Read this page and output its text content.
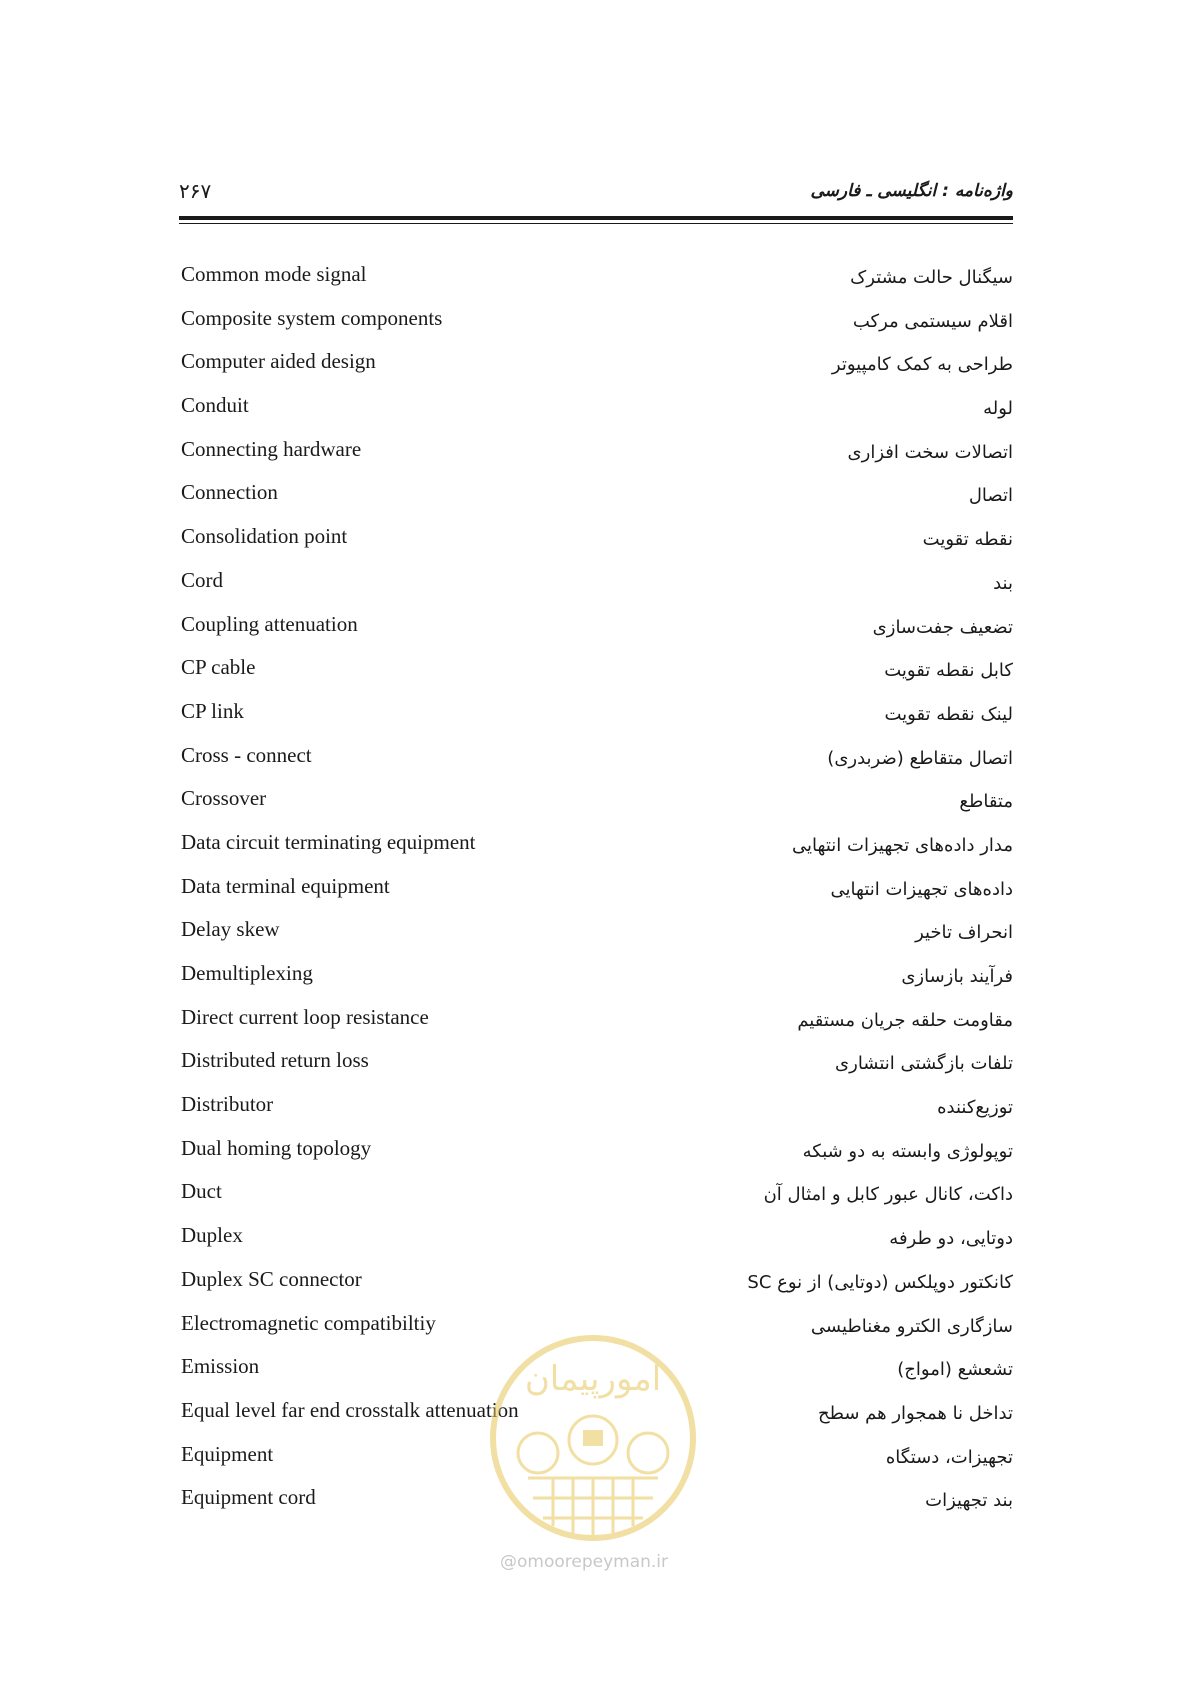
۲۶۷	واژه‌نامه : انگلیسی ـ فارسی
Common mode signal	سیگنال حالت مشترک
Composite system components	اقلام سیستمی مرکب
Computer aided design	طراحی به کمک کامپیوتر
Conduit	لوله
Connecting hardware	اتصالات سخت افزاری
Connection	اتصال
Consolidation point	نقطه تقویت
Cord	بند
Coupling attenuation	تضعیف جفت‌سازی
CP cable	کابل نقطه تقویت
CP link	لینک نقطه تقویت
Cross - connect	اتصال متقاطع (ضربدری)
Crossover	متقاطع
Data circuit terminating equipment	مدار داده‌های تجهیزات انتهایی
Data terminal equipment	داده‌های تجهیزات انتهایی
Delay skew	انحراف تاخیر
Demultiplexing	فرآیند بازسازی
Direct current loop resistance	مقاومت حلقه جریان مستقیم
Distributed return loss	تلفات بازگشتی انتشاری
Distributor	توزیع‌کننده
Dual homing topology	توپولوژی وابسته به دو شبکه
Duct	داکت، کانال عبور کابل و امثال آن
Duplex	دوتایی، دو طرفه
Duplex SC connector	کانکتور دوپلکس (دوتایی) از نوع SC
Electromagnetic compatibiltiy	سازگاری الکترو مغناطیسی
Emission	تشعشع (امواج)
Equal level far end crosstalk attenuation	تداخل نا همجوار هم سطح
Equipment	تجهیزات، دستگاه
Equipment cord	بند تجهیزات
امورپیمان
@omoorepeyman.ir
